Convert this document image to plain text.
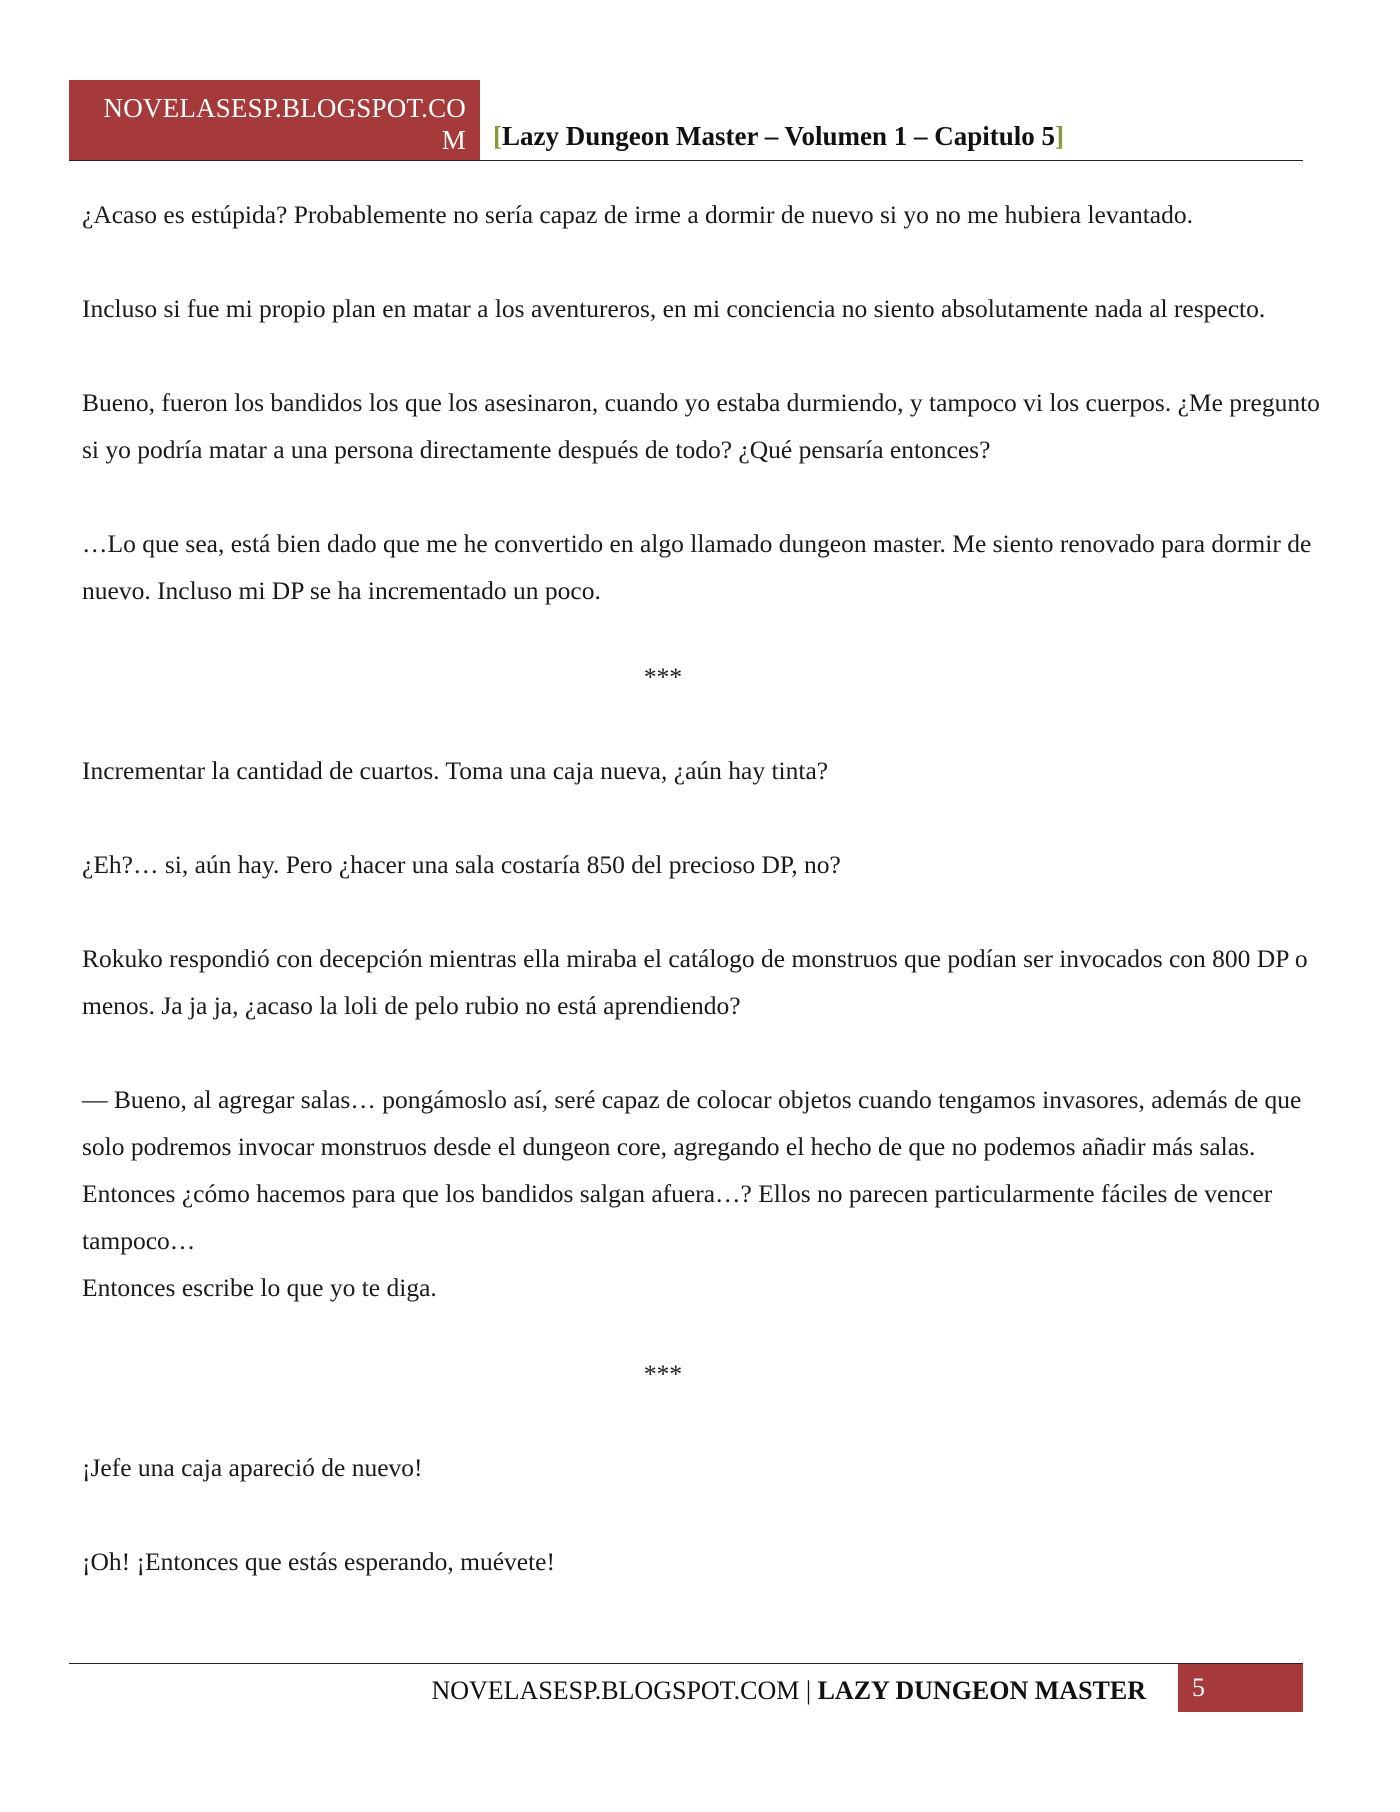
NOVELASESP.BLOGSPOT.COM	[Lazy Dungeon Master – Volumen 1 – Capitulo 5]

¿Acaso es estúpida? Probablemente no sería capaz de irme a dormir de nuevo si yo no me hubiera levantado.

Incluso si fue mi propio plan en matar a los aventureros, en mi conciencia no siento absolutamente nada al respecto.

Bueno, fueron los bandidos los que los asesinaron, cuando yo estaba durmiendo, y tampoco vi los cuerpos. ¿Me pregunto si yo podría matar a una persona directamente después de todo? ¿Qué pensaría entonces?

…Lo que sea, está bien dado que me he convertido en algo llamado dungeon master. Me siento renovado para dormir de nuevo. Incluso mi DP se ha incrementado un poco.

***

Incrementar la cantidad de cuartos. Toma una caja nueva, ¿aún hay tinta?

¿Eh?… si, aún hay. Pero ¿hacer una sala costaría 850 del precioso DP, no?

Rokuko respondió con decepción mientras ella miraba el catálogo de monstruos que podían ser invocados con 800 DP o menos. Ja ja ja, ¿acaso la loli de pelo rubio no está aprendiendo?

— Bueno, al agregar salas… pongámoslo así, seré capaz de colocar objetos cuando tengamos invasores, además de que solo podremos invocar monstruos desde el dungeon core, agregando el hecho de que no podemos añadir más salas. Entonces ¿cómo hacemos para que los bandidos salgan afuera…? Ellos no parecen particularmente fáciles de vencer tampoco…

Entonces escribe lo que yo te diga.

***

¡Jefe una caja apareció de nuevo!

¡Oh! ¡Entonces que estás esperando, muévete!

NOVELASESP.BLOGSPOT.COM | LAZY DUNGEON MASTER	5
